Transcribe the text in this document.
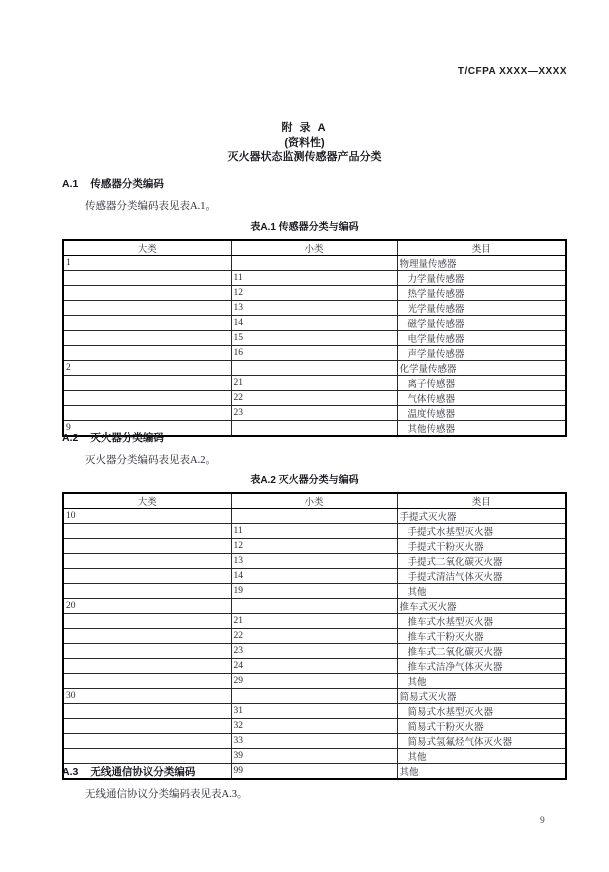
T/CFPA XXXX—XXXX
附 录 A
(资料性)
灭火器状态监测传感器产品分类
A.1 传感器分类编码
传感器分类编码表见表A.1。
表A.1 传感器分类与编码
大类	小类	类目
1		物理量传感器
	11	力学量传感器
	12	热学量传感器
	13	光学量传感器
	14	磁学量传感器
	15	电学量传感器
	16	声学量传感器
2		化学量传感器
	21	离子传感器
	22	气体传感器
	23	温度传感器
9		其他传感器
A.2 灭火器分类编码
灭火器分类编码表见表A.2。
表A.2 灭火器分类与编码
大类	小类	类目
10		手提式灭火器
	11	手提式水基型灭火器
	12	手提式干粉灭火器
	13	手提式二氧化碳灭火器
	14	手提式清洁气体灭火器
	19	其他
20		推车式灭火器
	21	推车式水基型灭火器
	22	推车式干粉灭火器
	23	推车式二氧化碳灭火器
	24	推车式洁净气体灭火器
	29	其他
30		简易式灭火器
	31	简易式水基型灭火器
	32	简易式干粉灭火器
	33	简易式氢氟烃气体灭火器
	39	其他
	99	其他
A.3 无线通信协议分类编码
无线通信协议分类编码表见表A.3。
9
